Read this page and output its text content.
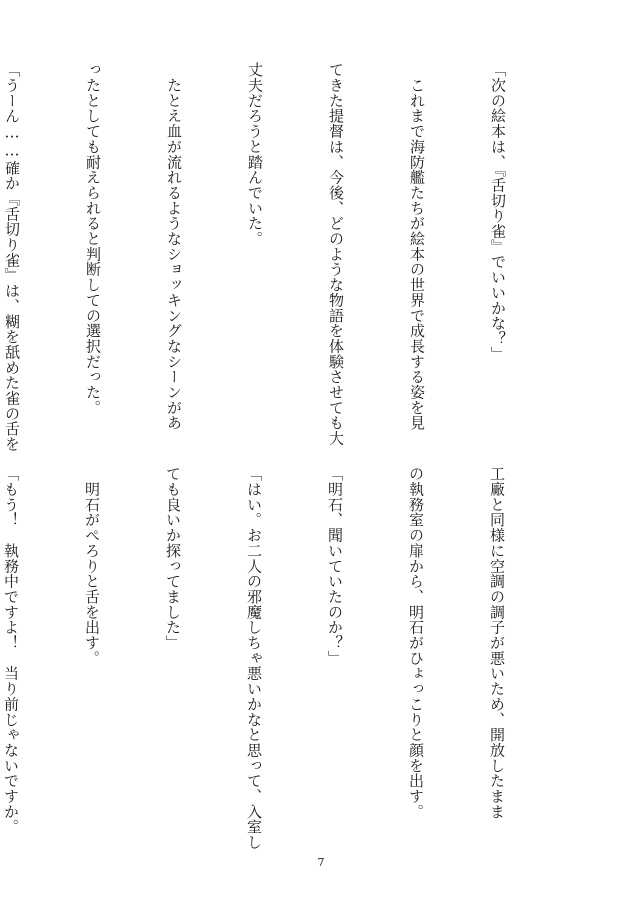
「次の絵本は、『舌切り雀』でいいかな？」

　これまで海防艦たちが絵本の世界で成長する姿を見

てきた提督は、今後、どのような物語を体験させても大

丈夫だろうと踏んでいた。

　たとえ血が流れるようなショッキングなシーンがあ

ったとしても耐えられると判断しての選択だった。

「うーん……確か『舌切り雀』は、糊を舐めた雀の舌を

工廠と同様に空調の調子が悪いため、開放したまま

の執務室の扉から、明石がひょっこりと顔を出す。

「明石、聞いていたのか？」

「はい。お二人の邪魔しちゃ悪いかなと思って、入室し

ても良いか探ってました」

　明石がぺろりと舌を出す。

「もう！　執務中ですよ！　当り前じゃないですか。

7
